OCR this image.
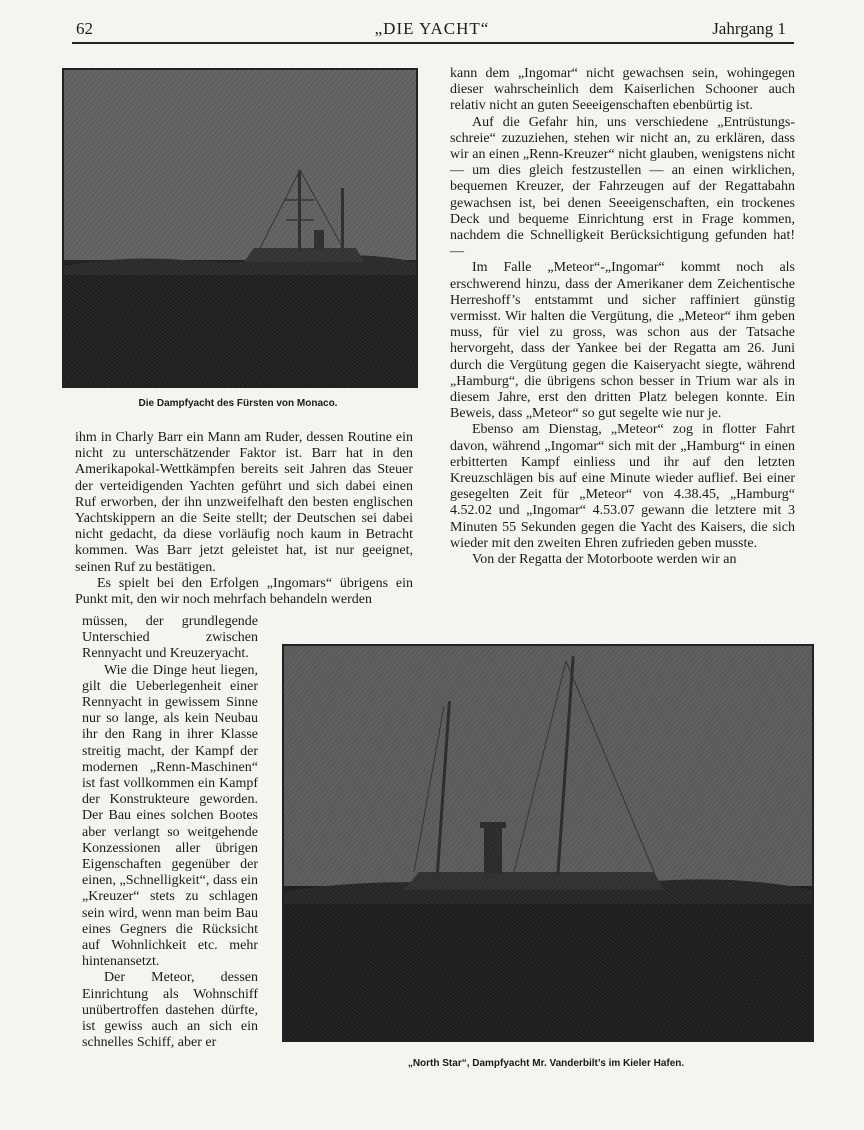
62	„DIE YACHT“	Jahrgang 1
Die Dampfyacht des Fürsten von Monaco.

ihm in Charly Barr ein Mann am Ruder, dessen Routine ein nicht zu unterschätzender Faktor ist. Barr hat in den Amerikapokal-Wettkämpfen bereits seit Jahren das Steuer der verteidigenden Yachten geführt und sich dabei einen Ruf erworben, der ihn unzweifelhaft den besten englischen Yachtskippern an die Seite stellt; der Deutschen sei dabei nicht gedacht, da diese vorläufig noch kaum in Betracht kommen. Was Barr jetzt geleistet hat, ist nur geeignet, seinen Ruf zu bestätigen.

Es spielt bei den Erfolgen „Ingomars“ übrigens ein Punkt mit, den wir noch mehrfach behandeln werden

müssen, der grundlegende Unterschied zwischen Rennyacht und Kreuzeryacht.

Wie die Dinge heut liegen, gilt die Ueberlegenheit einer Rennyacht in gewissem Sinne nur so lange, als kein Neubau ihr den Rang in ihrer Klasse streitig macht, der Kampf der modernen „Renn-Maschinen“ ist fast vollkommen ein Kampf der Konstrukteure geworden. Der Bau eines solchen Bootes aber verlangt so weitgehende Konzessionen aller übrigen Eigenschaften gegenüber der einen, „Schnelligkeit“, dass ein „Kreuzer“ stets zu schlagen sein wird, wenn man beim Bau eines Gegners die Rücksicht auf Wohnlichkeit etc. mehr hintenansetzt.

Der Meteor, dessen Einrichtung als Wohnschiff unübertroffen dastehen dürfte, ist gewiss auch an sich ein schnelles Schiff, aber er

kann dem „Ingomar“ nicht gewachsen sein, wohingegen dieser wahrscheinlich dem Kaiserlichen Schooner auch relativ nicht an guten Seeeigenschaften ebenbürtig ist.

Auf die Gefahr hin, uns verschiedene „Entrüstungs-schreie“ zuzuziehen, stehen wir nicht an, zu erklären, dass wir an einen „Renn-Kreuzer“ nicht glauben, wenigstens nicht — um dies gleich festzustellen — an einen wirklichen, bequemen Kreuzer, der Fahrzeugen auf der Regattabahn gewachsen ist, bei denen Seeeigenschaften, ein trockenes Deck und bequeme Einrichtung erst in Frage kommen, nachdem die Schnelligkeit Berücksichtigung gefunden hat! —

Im Falle „Meteor“-„Ingomar“ kommt noch als erschwerend hinzu, dass der Amerikaner dem Zeichentische Herreshoff’s entstammt und sicher raffiniert günstig vermisst. Wir halten die Vergütung, die „Meteor“ ihm geben muss, für viel zu gross, was schon aus der Tatsache hervorgeht, dass der Yankee bei der Regatta am 26. Juni durch die Vergütung gegen die Kaiseryacht siegte, während „Hamburg“, die übrigens schon besser in Trium war als in diesem Jahre, erst den dritten Platz belegen konnte. Ein Beweis, dass „Meteor“ so gut segelte wie nur je.

Ebenso am Dienstag, „Meteor“ zog in flotter Fahrt davon, während „Ingomar“ sich mit der „Hamburg“ in einen erbitterten Kampf einliess und ihr auf den letzten Kreuzschlägen bis auf eine Minute wieder auflief. Bei einer gesegelten Zeit für „Meteor“ von 4.38.45, „Hamburg“ 4.52.02 und „Ingomar“ 4.53.07 gewann die letztere mit 3 Minuten 55 Sekunden gegen die Yacht des Kaisers, die sich wieder mit den zweiten Ehren zufrieden geben musste.

Von der Regatta der Motorboote werden wir an

„North Star“, Dampfyacht Mr. Vanderbilt’s im Kieler Hafen.
